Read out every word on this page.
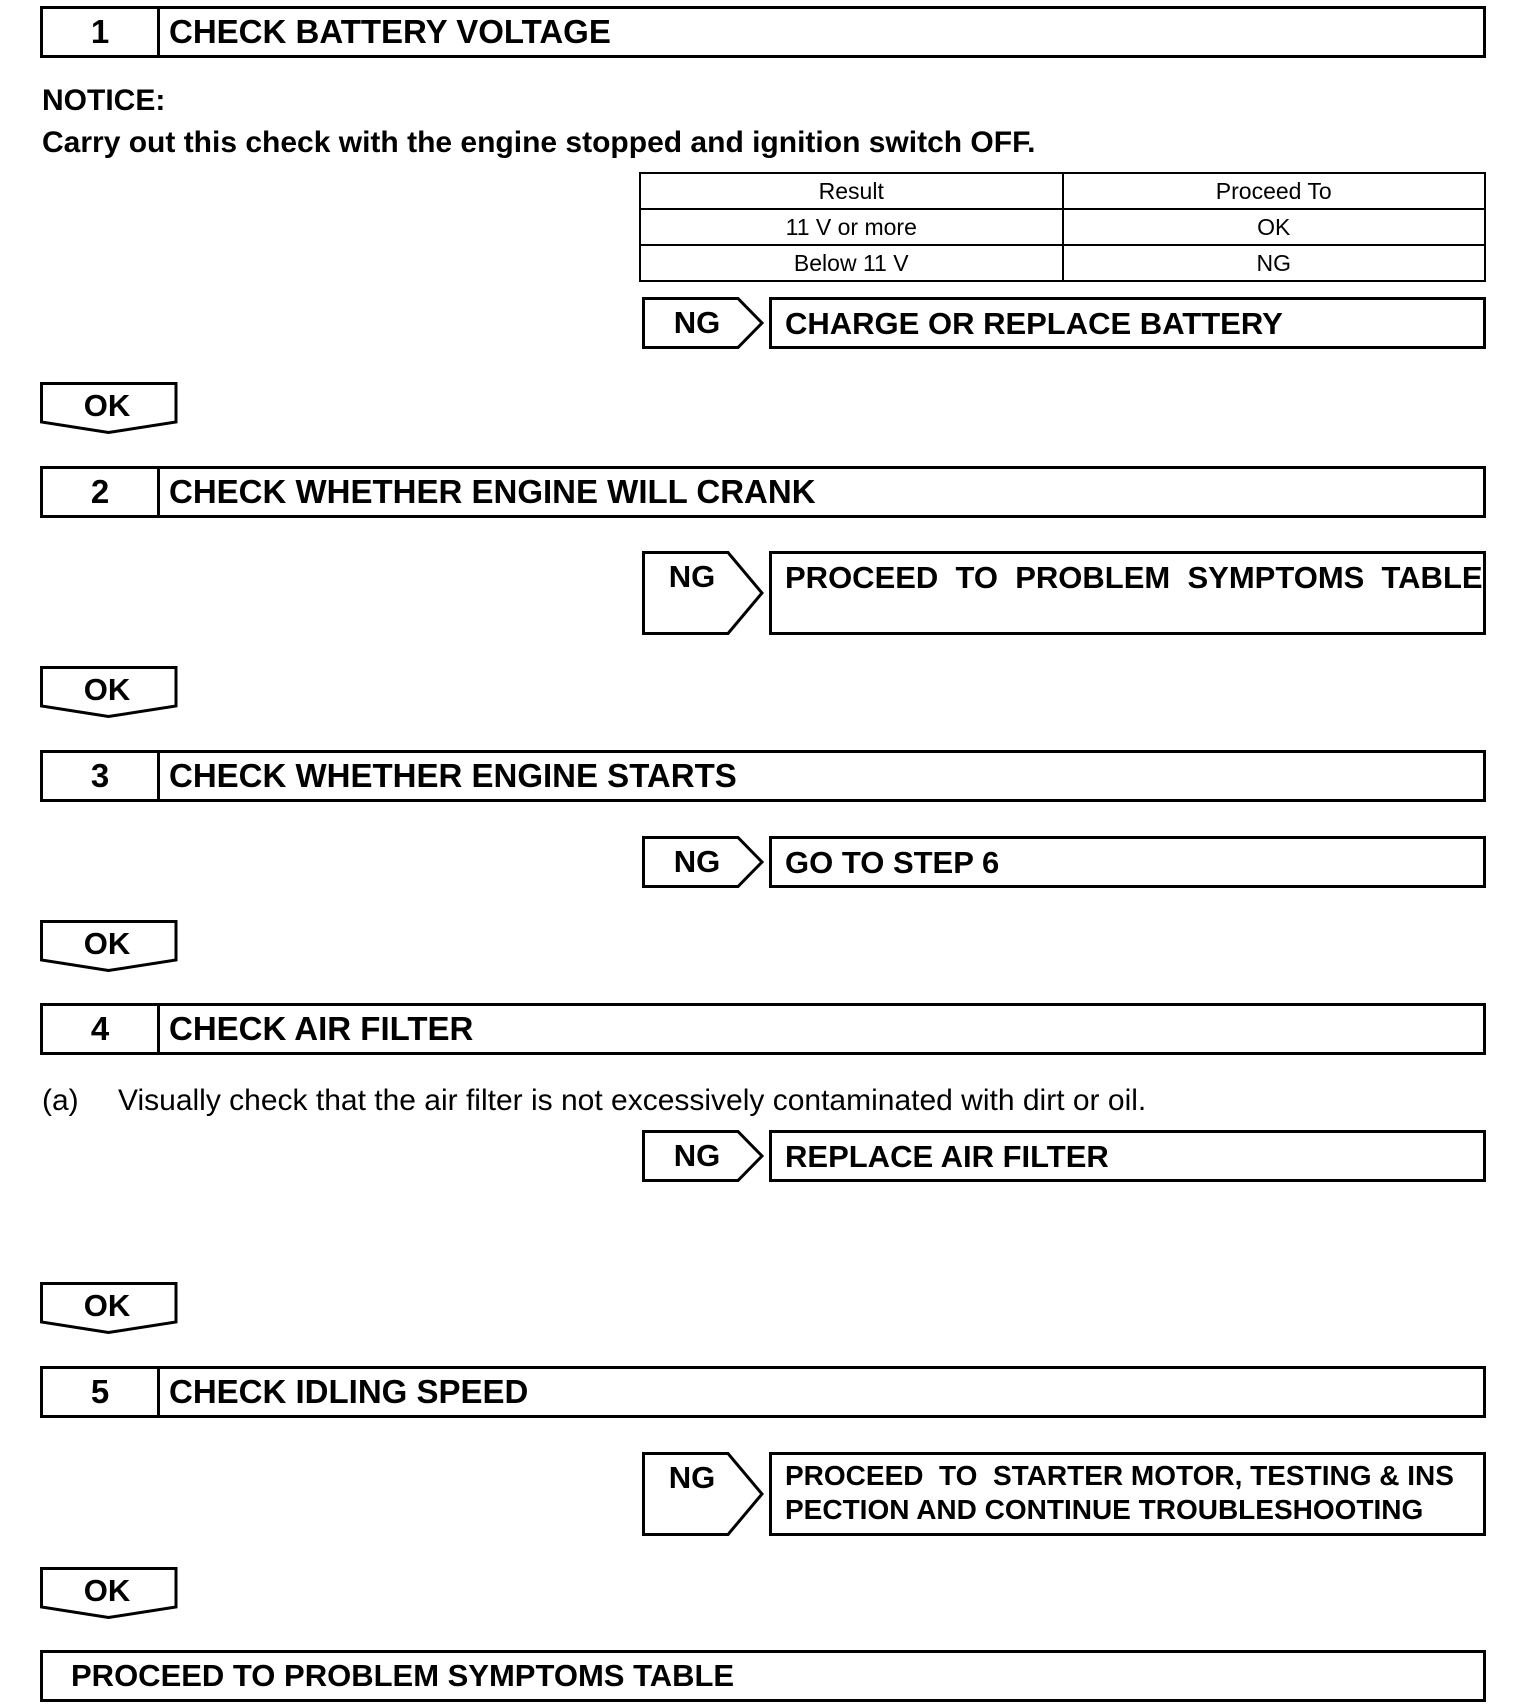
1	CHECK BATTERY VOLTAGE
NOTICE:
Carry out this check with the engine stopped and ignition switch OFF.
Result	Proceed To
11 V or more	OK
Below 11 V	NG
NG	CHARGE OR REPLACE BATTERY
OK
2	CHECK WHETHER ENGINE WILL CRANK
NG	PROCEED  TO  PROBLEM  SYMPTOMS  TABLE
OK
3	CHECK WHETHER ENGINE STARTS
NG	GO TO STEP 6
OK
4	CHECK AIR FILTER
(a) Visually check that the air filter is not excessively contaminated with dirt or oil.
NG	REPLACE AIR FILTER
OK
5	CHECK IDLING SPEED
NG	PROCEED  TO  STARTER MOTOR, TESTING & INS
PECTION AND CONTINUE TROUBLESHOOTING
OK
PROCEED TO PROBLEM SYMPTOMS TABLE
